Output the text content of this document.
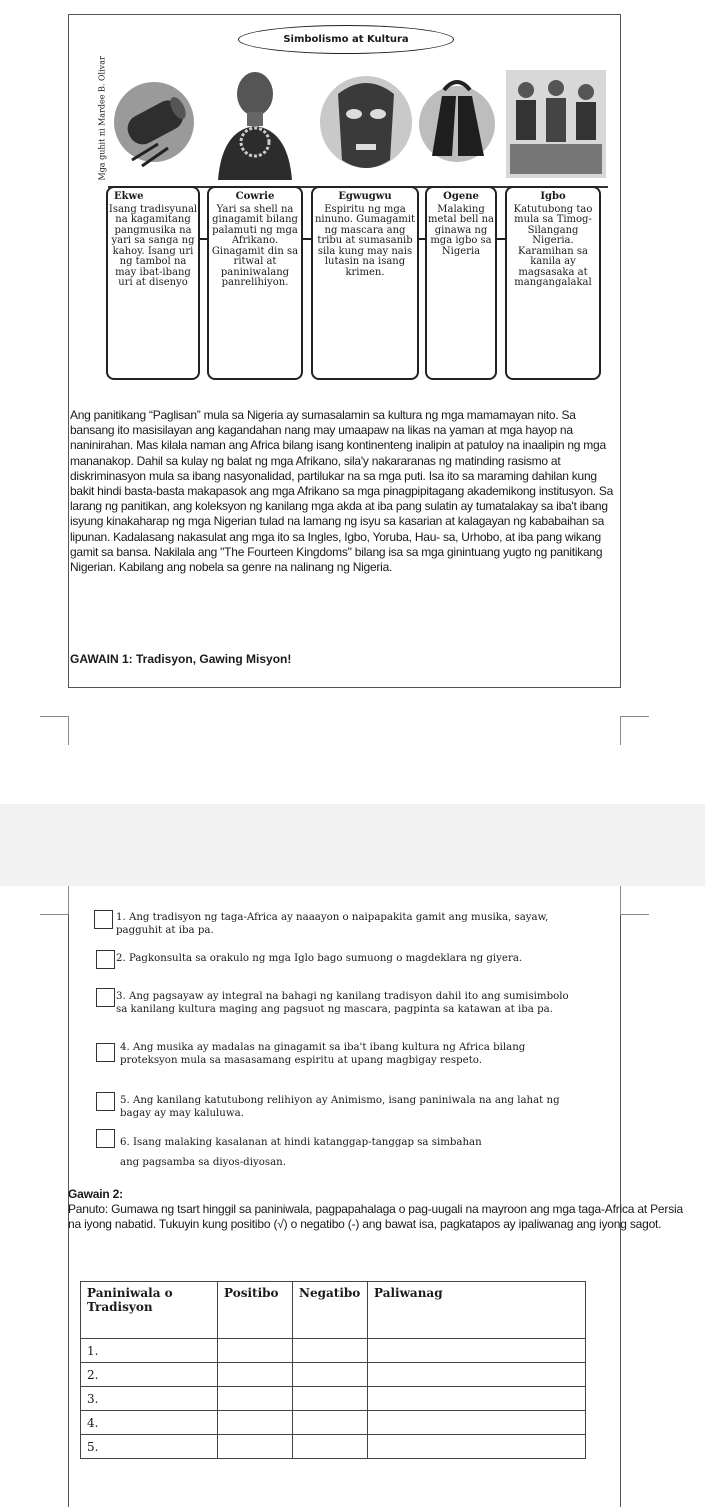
Simbolismo at Kultura
Mga guhit ni Mardee B. Olivar
Ekwe
Isang tradisyunal na kagamitang pangmusika na yari sa sanga ng kahoy. Isang uri ng tambol na may ibat-ibang uri at disenyo
Cowrie
Yari sa shell na ginagamit bilang palamuti ng mga Afrikano. Ginagamit din sa ritwal at paniniwalang panrelihiyon.
Egwugwu
Espiritu ng mga ninuno. Gumagamit ng mascara ang tribu at sumasanib sila kung may nais lutasin na isang krimen.
Ogene
Malaking metal bell na ginawa ng mga igbo sa Nigeria
Igbo
Katutubong tao mula sa Timog-Silangang Nigeria. Karamihan sa kanila ay magsasaka at mangangalakal
Ang panitikang “Paglisan” mula sa Nigeria ay sumasalamin sa kultura ng mga mamamayan nito. Sa bansang ito masisilayan ang kagandahan nang may umaapaw na likas na yaman at mga hayop na naninirahan. Mas kilala naman ang Africa bilang isang kontinenteng inalipin at patuloy na inaalipin ng mga mananakop. Dahil sa kulay ng balat ng mga Afrikano, sila'y nakararanas ng matinding rasismo at diskriminasyon mula sa ibang nasyonalidad, partilukar na sa mga puti. Isa ito sa maraming dahilan kung bakit hindi basta-basta makapasok ang mga Afrikano sa mga pinagpipitagang akademikong institusyon. Sa larang ng panitikan, ang koleksyon ng kanilang mga akda at iba pang sulatin ay tumatalakay sa iba't ibang isyung kinakaharap ng mga Nigerian tulad na lamang ng isyu sa kasarian at kalagayan ng kababaihan sa lipunan. Kadalasang nakasulat ang mga ito sa Ingles, Igbo, Yoruba, Hau- sa, Urhobo, at iba pang wikang gamit sa bansa. Nakilala ang "The Fourteen Kingdoms" bilang isa sa mga ginintuang yugto ng panitikang Nigerian. Kabilang ang nobela sa genre na nalinang ng Nigeria.
GAWAIN 1: Tradisyon, Gawing Misyon!
1. Ang tradisyon ng taga-Africa ay naaayon o naipapakita gamit ang musika, sayaw, pagguhit at iba pa.
2. Pagkonsulta sa orakulo ng mga Iglo bago sumuong o magdeklara ng giyera.
3. Ang pagsayaw ay integral na bahagi ng kanilang tradisyon dahil ito ang sumisimbolo sa kanilang kultura maging ang pagsuot ng mascara, pagpinta sa katawan at iba pa.
4. Ang musika ay madalas na ginagamit sa iba't ibang kultura ng Africa bilang proteksyon mula sa masasamang espiritu at upang magbigay respeto.
5. Ang kanilang katutubong relihiyon ay Animismo, isang paniniwala na ang lahat ng bagay ay may kaluluwa.
6. Isang malaking kasalanan at hindi katanggap-tanggap sa simbahan ang pagsamba sa diyos-diyosan.
Gawain 2:
Panuto: Gumawa ng tsart hinggil sa paniniwala, pagpapahalaga o pag-uugali na mayroon ang mga taga-Africa at Persia na iyong nabatid. Tukuyin kung positibo (√) o negatibo (-) ang bawat isa, pagkatapos ay ipaliwanag ang iyong sagot.
Paniniwala o Tradisyon	Positibo	Negatibo	Paliwanag
1.			
2.			
3.			
4.			
5.			
